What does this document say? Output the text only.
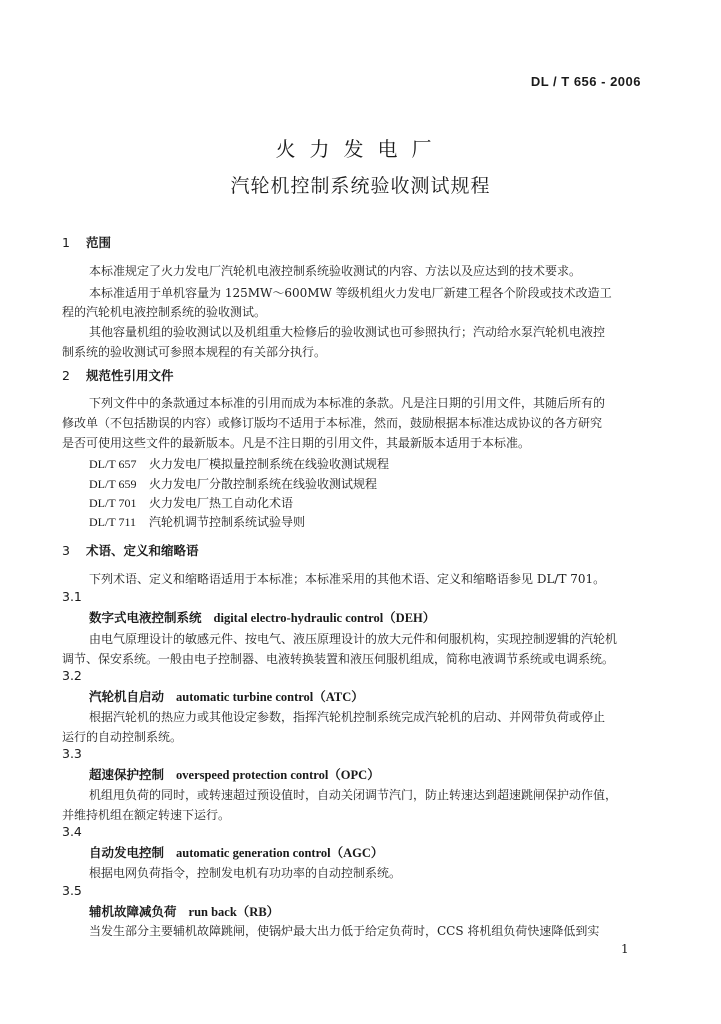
DL / T 656 - 2006
火力发电厂
汽轮机控制系统验收测试规程
1 范围
本标准规定了火力发电厂汽轮机电液控制系统验收测试的内容、方法以及应达到的技术要求。
本标准适用于单机容量为 125MW～600MW 等级机组火力发电厂新建工程各个阶段或技术改造工
程的汽轮机电液控制系统的验收测试。
其他容量机组的验收测试以及机组重大检修后的验收测试也可参照执行；汽动给水泵汽轮机电液控
制系统的验收测试可参照本规程的有关部分执行。
2 规范性引用文件
下列文件中的条款通过本标准的引用而成为本标准的条款。凡是注日期的引用文件，其随后所有的
修改单（不包括勘误的内容）或修订版均不适用于本标准，然而，鼓励根据本标准达成协议的各方研究
是否可使用这些文件的最新版本。凡是不注日期的引用文件，其最新版本适用于本标准。
DL/T 657 火力发电厂模拟量控制系统在线验收测试规程
DL/T 659 火力发电厂分散控制系统在线验收测试规程
DL/T 701 火力发电厂热工自动化术语
DL/T 711 汽轮机调节控制系统试验导则
3 术语、定义和缩略语
下列术语、定义和缩略语适用于本标准；本标准采用的其他术语、定义和缩略语参见 DL/T 701。
3.1
数字式电液控制系统 digital electro-hydraulic control（DEH）
由电气原理设计的敏感元件、按电气、液压原理设计的放大元件和伺服机构，实现控制逻辑的汽轮机
调节、保安系统。一般由电子控制器、电液转换装置和液压伺服机组成，简称电液调节系统或电调系统。
3.2
汽轮机自启动 automatic turbine control（ATC）
根据汽轮机的热应力或其他设定参数，指挥汽轮机控制系统完成汽轮机的启动、并网带负荷或停止
运行的自动控制系统。
3.3
超速保护控制 overspeed protection control（OPC）
机组甩负荷的同时，或转速超过预设值时，自动关闭调节汽门，防止转速达到超速跳闸保护动作值，
并维持机组在额定转速下运行。
3.4
自动发电控制 automatic generation control（AGC）
根据电网负荷指令，控制发电机有功功率的自动控制系统。
3.5
辅机故障减负荷 run back（RB）
当发生部分主要辅机故障跳闸，使锅炉最大出力低于给定负荷时，CCS 将机组负荷快速降低到实
1
